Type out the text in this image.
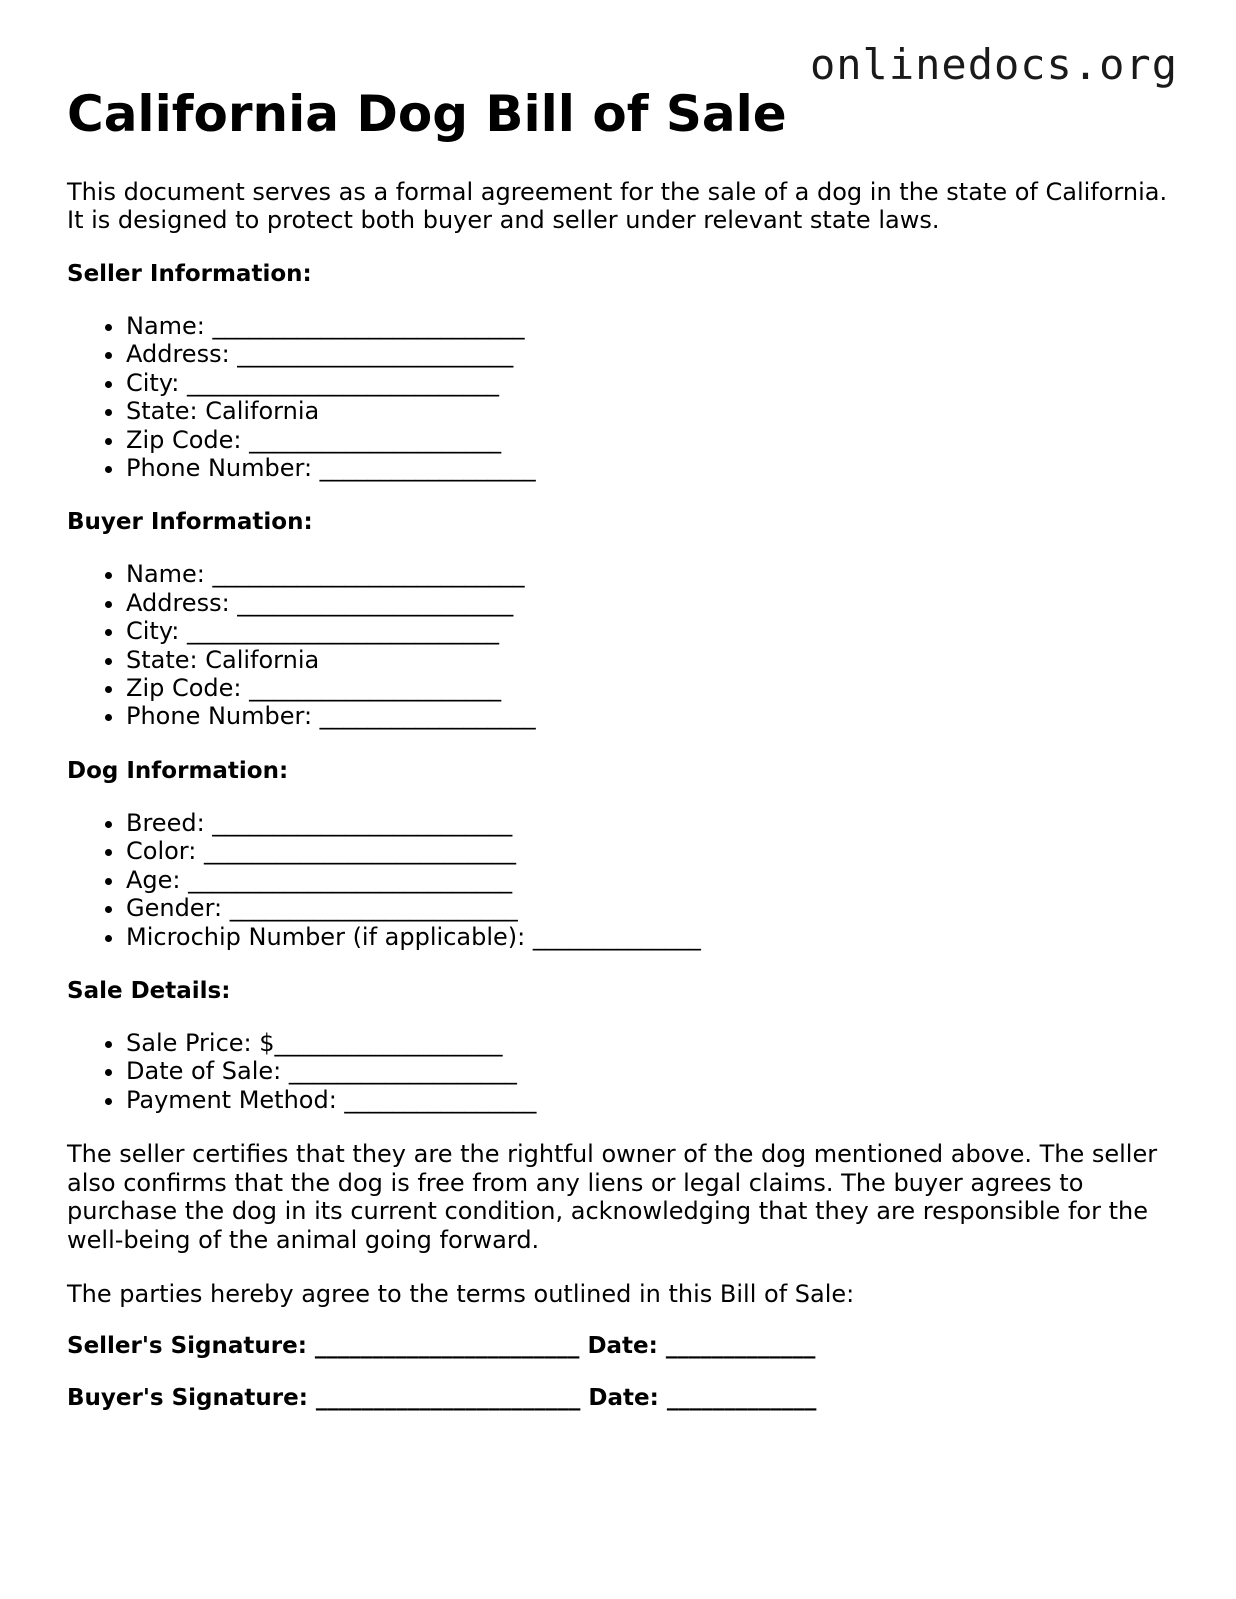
onlinedocs.org
California Dog Bill of Sale

This document serves as a formal agreement for the sale of a dog in the state of California. It is designed to protect both buyer and seller under relevant state laws.

Seller Information:
• Name: __________________________
• Address: _______________________
• City: __________________________
• State: California
• Zip Code: _____________________
• Phone Number: __________________
Buyer Information:
• Name: __________________________
• Address: _______________________
• City: __________________________
• State: California
• Zip Code: _____________________
• Phone Number: __________________
Dog Information:
• Breed: _________________________
• Color: __________________________
• Age: ___________________________
• Gender: ________________________
• Microchip Number (if applicable): ______________
Sale Details:
• Sale Price: $___________________
• Date of Sale: ___________________
• Payment Method: ________________

The seller certifies that they are the rightful owner of the dog mentioned above. The seller also confirms that the dog is free from any liens or legal claims. The buyer agrees to purchase the dog in its current condition, acknowledging that they are responsible for the well-being of the animal going forward.

The parties hereby agree to the terms outlined in this Bill of Sale:

Seller's Signature: _______________________ Date: _____________

Buyer's Signature: _______________________ Date: _____________
